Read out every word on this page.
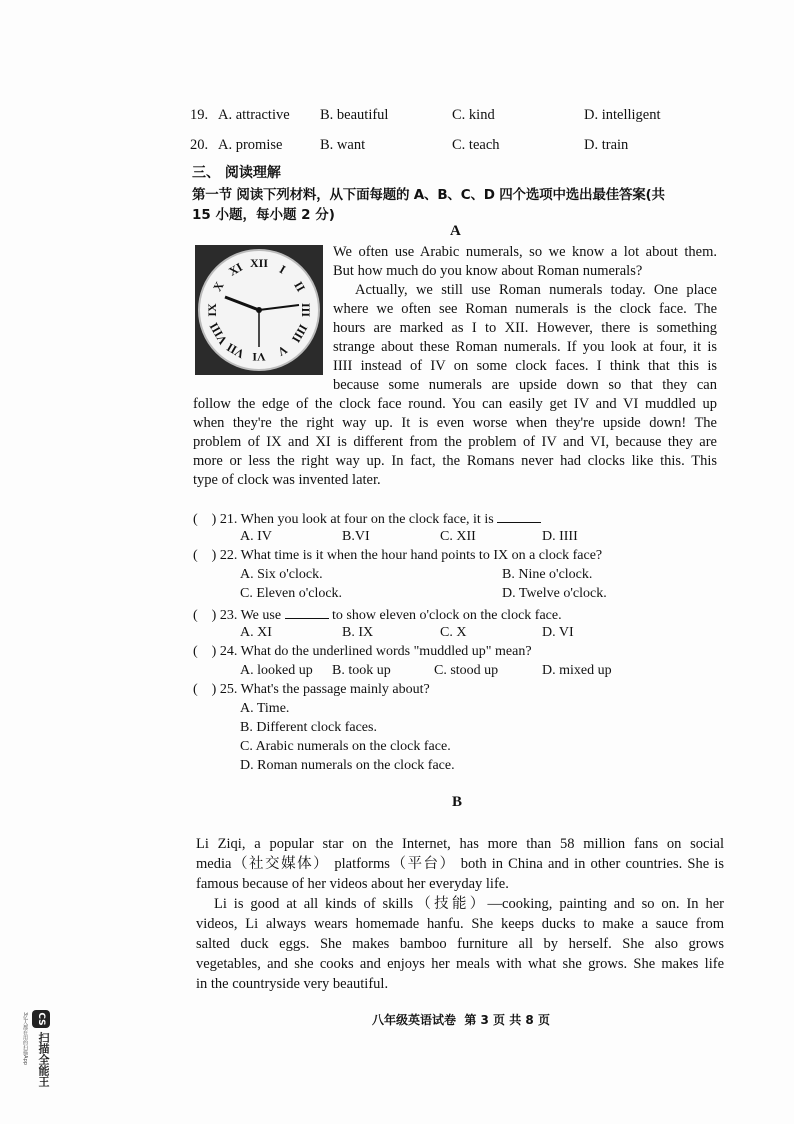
19. A. attractive B. beautiful	C. kind	D. intelligent
20. A. promise	B. want	C. teach	D. train
三、 阅读理解
第一节 阅读下列材料，从下面每题的 A、B、C、D 四个选项中选出最佳答案(共
15 小题，每小题 2 分)
A
XII I
II
III
IIII
V
VI
VII
VIII
IX
X
XI
We often use Arabic numerals, so we know a lot about them.
But how much do you know about Roman numerals?
Actually, we still use Roman numerals today. One place
where we often see Roman numerals is the clock face. The
hours are marked as I to XII. However, there is something
strange about these Roman numerals. If you look at four, it is
IIII instead of IV on some clock faces. I think that this is
because some numerals are upside down so that they can
follow the edge of the clock face round. You can easily get IV and VI muddled up
when they're the right way up. It is even worse when they're upside down! The
problem of IX and XI is different from the problem of IV and VI, because they are
more or less the right way up. In fact, the Romans never had clocks like this. This
type of clock was invented later.
(    ) 21. When you look at four on the clock face, it is
A. IV	B.VI	C. XII	D. IIII
(    ) 22. What time is it when the hour hand points to IX on a clock face?
A. Six o'clock.	B. Nine o'clock.
C. Eleven o'clock.	D. Twelve o'clock.
(    ) 23. We use	to show eleven o'clock on the clock face.
A. XI	B. IX	C. X	D. VI
(    ) 24. What do the underlined words "muddled up" mean?
A. looked up B. took up	C. stood up	D. mixed up
(    ) 25. What's the passage mainly about?
A. Time.
B. Different clock faces.
C. Arabic numerals on the clock face.
D. Roman numerals on the clock face.
B
Li Ziqi, a popular star on the Internet, has more than 58 million fans on social
media（社交媒体） platforms（平台） both in China and in other countries. She is
famous because of her videos about her everyday life.
Li is good at all kinds of skills（技能）—cooking, painting and so on. In her
videos, Li always wears homemade hanfu. She keeps ducks to make a sauce from
salted duck eggs. She makes bamboo furniture all by herself. She also grows
vegetables, and she cooks and enjoys her meals with what she grows. She makes life
in the countryside very beautiful.
八年级英语试卷  第 3 页 共 8 页
CS
扫描全能王
3亿人都在用的扫描App
